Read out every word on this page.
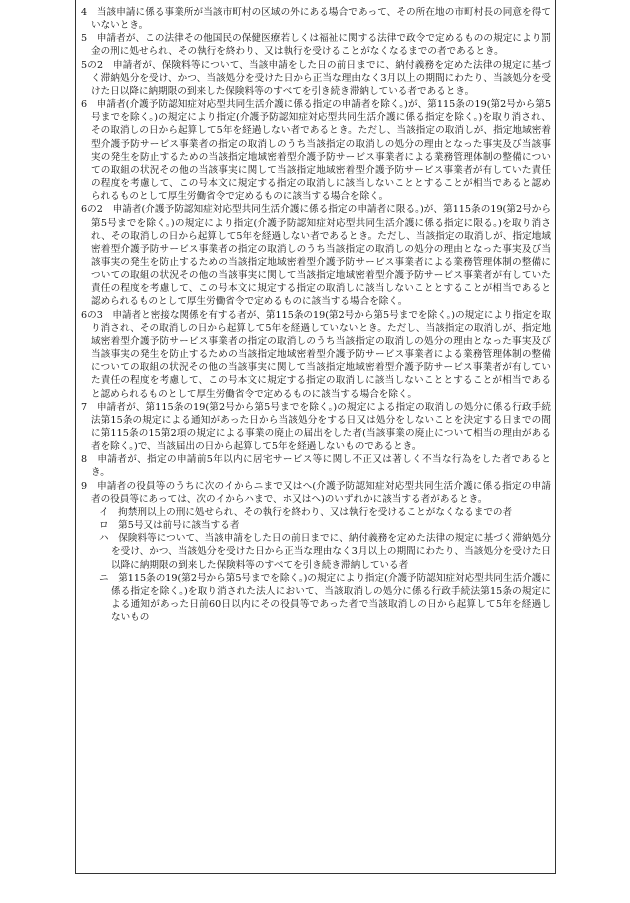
4　当該申請に係る事業所が当該市町村の区域の外にある場合であって、その所在地の市町村長の同意を得ていないとき。

5　申請者が、この法律その他国民の保健医療若しくは福祉に関する法律で政令で定めるものの規定により罰金の刑に処せられ、その執行を終わり、又は執行を受けることがなくなるまでの者であるとき。

5の2　申請者が、保険料等について、当該申請をした日の前日までに、納付義務を定めた法律の規定に基づく滞納処分を受け、かつ、当該処分を受けた日から正当な理由なく3月以上の期間にわたり、当該処分を受けた日以降に納期限の到来した保険料等のすべてを引き続き滞納している者であるとき。

6　申請者(介護予防認知症対応型共同生活介護に係る指定の申請者を除く。)が、第115条の19(第2号から第5号までを除く。)の規定により指定(介護予防認知症対応型共同生活介護に係る指定を除く。)を取り消され、その取消しの日から起算して5年を経過しない者であるとき。ただし、当該指定の取消しが、指定地域密着型介護予防サービス事業者の指定の取消しのうち当該指定の取消しの処分の理由となった事実及び当該事実の発生を防止するための当該指定地域密着型介護予防サービス事業者による業務管理体制の整備についての取組の状況その他の当該事実に関して当該指定地域密着型介護予防サービス事業者が有していた責任の程度を考慮して、この号本文に規定する指定の取消しに該当しないこととすることが相当であると認められるものとして厚生労働省令で定めるものに該当する場合を除く。

6の2　申請者(介護予防認知症対応型共同生活介護に係る指定の申請者に限る。)が、第115条の19(第2号から第5号までを除く。)の規定により指定(介護予防認知症対応型共同生活介護に係る指定に限る。)を取り消され、その取消しの日から起算して5年を経過しない者であるとき。ただし、当該指定の取消しが、指定地域密着型介護予防サービス事業者の指定の取消しのうち当該指定の取消しの処分の理由となった事実及び当該事実の発生を防止するための当該指定地域密着型介護予防サービス事業者による業務管理体制の整備についての取組の状況その他の当該事実に関して当該指定地域密着型介護予防サービス事業者が有していた責任の程度を考慮して、この号本文に規定する指定の取消しに該当しないこととすることが相当であると認められるものとして厚生労働省令で定めるものに該当する場合を除く。

6の3　申請者と密接な関係を有する者が、第115条の19(第2号から第5号までを除く。)の規定により指定を取り消され、その取消しの日から起算して5年を経過していないとき。ただし、当該指定の取消しが、指定地域密着型介護予防サービス事業者の指定の取消しのうち当該指定の取消しの処分の理由となった事実及び当該事実の発生を防止するための当該指定地域密着型介護予防サービス事業者による業務管理体制の整備についての取組の状況その他の当該事実に関して当該指定地域密着型介護予防サービス事業者が有していた責任の程度を考慮して、この号本文に規定する指定の取消しに該当しないこととすることが相当であると認められるものとして厚生労働省令で定めるものに該当する場合を除く。

7　申請者が、第115条の19(第2号から第5号までを除く。)の規定による指定の取消しの処分に係る行政手続法第15条の規定による通知があった日から当該処分をする日又は処分をしないことを決定する日までの間に第115条の15第2項の規定による事業の廃止の届出をした者(当該事業の廃止について相当の理由がある者を除く。)で、当該届出の日から起算して5年を経過しないものであるとき。

8　申請者が、指定の申請前5年以内に居宅サービス等に関し不正又は著しく不当な行為をした者であるとき。

9　申請者の役員等のうちに次のイからニまで又はへ(介護予防認知症対応型共同生活介護に係る指定の申請者の役員等にあっては、次のイからハまで、ホ又はへ)のいずれかに該当する者があるとき。

イ　拘禁刑以上の刑に処せられ、その執行を終わり、又は執行を受けることがなくなるまでの者

ロ　第5号又は前号に該当する者

ハ　保険料等について、当該申請をした日の前日までに、納付義務を定めた法律の規定に基づく滞納処分を受け、かつ、当該処分を受けた日から正当な理由なく3月以上の期間にわたり、当該処分を受けた日以降に納期限の到来した保険料等のすべてを引き続き滞納している者

ニ　第115条の19(第2号から第5号までを除く。)の規定により指定(介護予防認知症対応型共同生活介護に係る指定を除く。)を取り消された法人において、当該取消しの処分に係る行政手続法第15条の規定による通知があった日前60日以内にその役員等であった者で当該取消しの日から起算して5年を経過しないもの
